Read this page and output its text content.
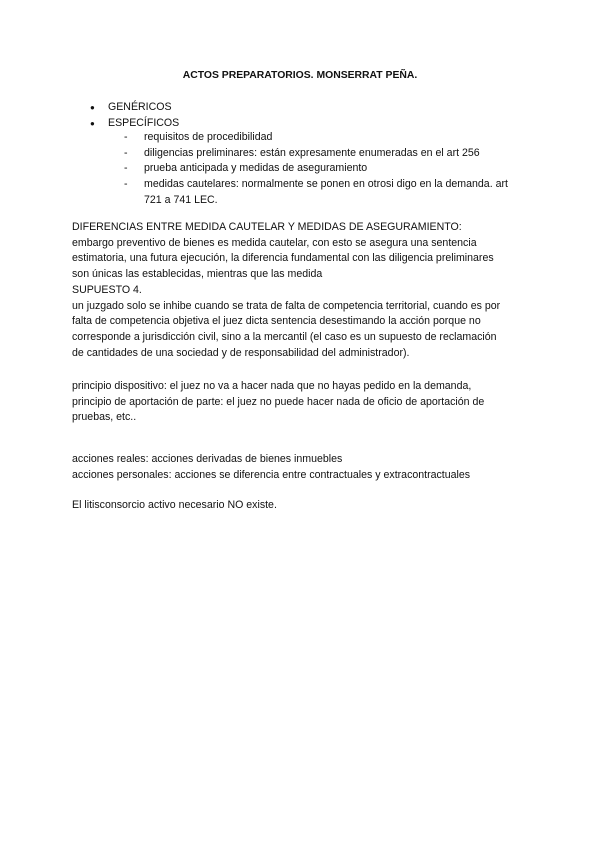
ACTOS PREPARATORIOS. MONSERRAT PEÑA.
● GENÉRICOS
● ESPECÍFICOS
- requisitos de procedibilidad
- diligencias preliminares: están expresamente enumeradas en el art 256
- prueba anticipada y medidas de aseguramiento
- medidas cautelares: normalmente se ponen en otrosi digo en la demanda. art
721 a 741 LEC.
DIFERENCIAS ENTRE MEDIDA CAUTELAR Y MEDIDAS DE ASEGURAMIENTO:
embargo preventivo de bienes es medida cautelar, con esto se asegura una sentencia
estimatoria, una futura ejecución, la diferencia fundamental con las diligencia preliminares
son únicas las establecidas, mientras que las medida
SUPUESTO 4.
un juzgado solo se inhibe cuando se trata de falta de competencia territorial, cuando es por
falta de competencia objetiva el juez dicta sentencia desestimando la acción porque no
corresponde a jurisdicción civil, sino a la mercantil (el caso es un supuesto de reclamación
de cantidades de una sociedad y de responsabilidad del administrador).
principio dispositivo: el juez no va a hacer nada que no hayas pedido en la demanda,
principio de aportación de parte: el juez no puede hacer nada de oficio de aportación de
pruebas, etc..
acciones reales: acciones derivadas de bienes inmuebles
acciones personales: acciones se diferencia entre contractuales y extracontractuales
El litisconsorcio activo necesario NO existe.
